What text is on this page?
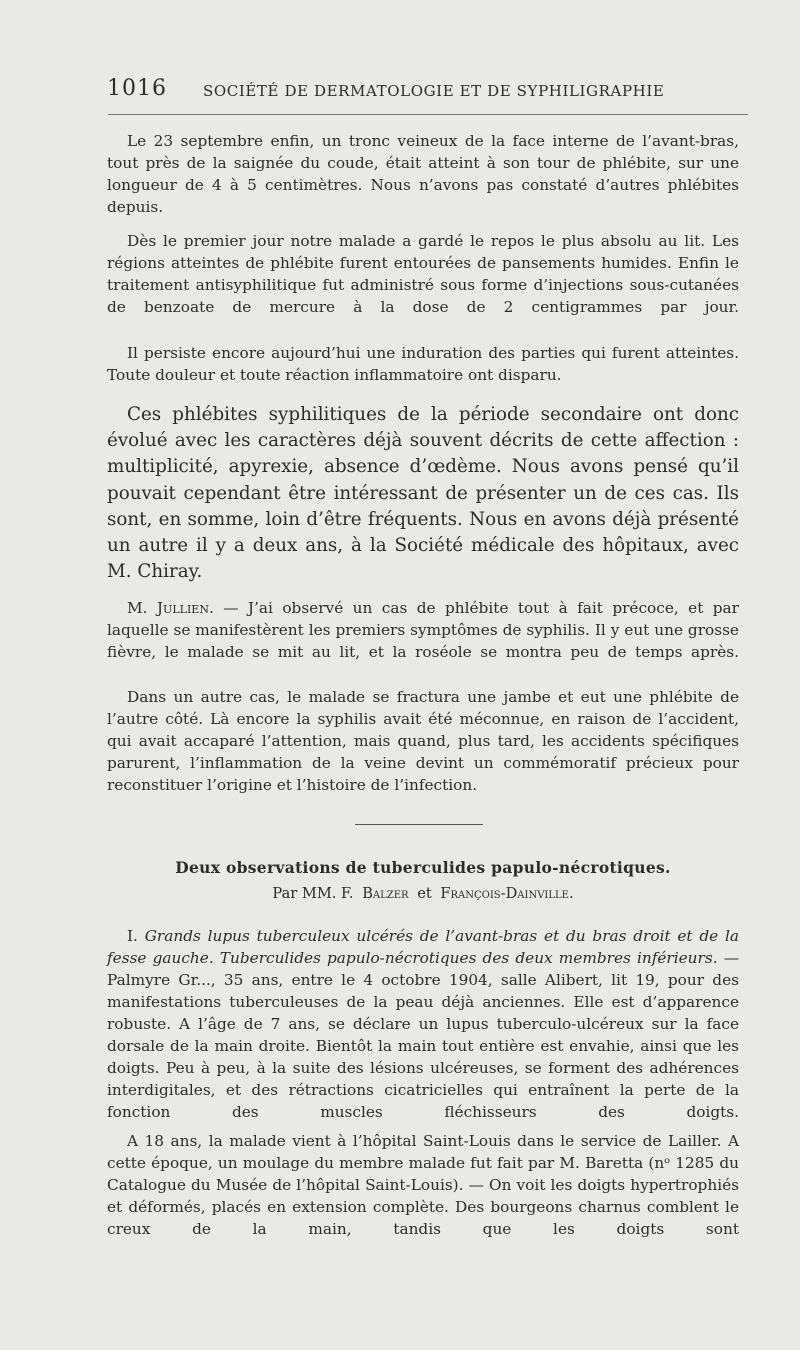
1016 SOCIÉTÉ DE DERMATOLOGIE ET DE SYPHILIGRAPHIE

Le 23 septembre enfin, un tronc veineux de la face interne de l’avant-bras, tout près de la saignée du coude, était atteint à son tour de phlébite, sur une longueur de 4 à 5 centimètres. Nous n’avons pas constaté d’autres phlébites depuis.

Dès le premier jour notre malade a gardé le repos le plus absolu au lit. Les régions atteintes de phlébite furent entourées de pansements humides. Enfin le traitement antisyphilitique fut administré sous forme d’injections sous-cutanées de benzoate de mercure à la dose de 2 centigrammes par jour.

Il persiste encore aujourd’hui une induration des parties qui furent atteintes. Toute douleur et toute réaction inflammatoire ont disparu.

Ces phlébites syphilitiques de la période secondaire ont donc évolué avec les caractères déjà souvent décrits de cette affection : multiplicité, apyrexie, absence d’œdème. Nous avons pensé qu’il pouvait cependant être intéressant de présenter un de ces cas. Ils sont, en somme, loin d’être fréquents. Nous en avons déjà présenté un autre il y a deux ans, à la Société médicale des hôpitaux, avec M. Chiray.

M. Jullien. — J’ai observé un cas de phlébite tout à fait précoce, et par laquelle se manifestèrent les premiers symptômes de syphilis. Il y eut une grosse fièvre, le malade se mit au lit, et la roséole se montra peu de temps après.

Dans un autre cas, le malade se fractura une jambe et eut une phlébite de l’autre côté. Là encore la syphilis avait été méconnue, en raison de l’accident, qui avait accaparé l’attention, mais quand, plus tard, les accidents spécifiques parurent, l’inflammation de la veine devint un commémoratif précieux pour reconstituer l’origine et l’histoire de l’infection.

Deux observations de tuberculides papulo-nécrotiques.
Par MM. F. Balzer et François-Dainville.

I. Grands lupus tuberculeux ulcérés de l’avant-bras et du bras droit et de la fesse gauche. Tuberculides papulo-nécrotiques des deux membres inférieurs. — Palmyre Gr..., 35 ans, entre le 4 octobre 1904, salle Alibert, lit 19, pour des manifestations tuberculeuses de la peau déjà anciennes. Elle est d’apparence robuste. A l’âge de 7 ans, se déclare un lupus tuberculo-ulcéreux sur la face dorsale de la main droite. Bientôt la main tout entière est envahie, ainsi que les doigts. Peu à peu, à la suite des lésions ulcéreuses, se forment des adhérences interdigitales, et des rétractions cicatricielles qui entraînent la perte de la fonction des muscles fléchisseurs des doigts.

A 18 ans, la malade vient à l’hôpital Saint-Louis dans le service de Lailler. A cette époque, un moulage du membre malade fut fait par M. Baretta (nᵒ 1285 du Catalogue du Musée de l’hôpital Saint-Louis). — On voit les doigts hypertrophiés et déformés, placés en extension complète. Des bourgeons charnus comblent le creux de la main, tandis que les doigts sont
